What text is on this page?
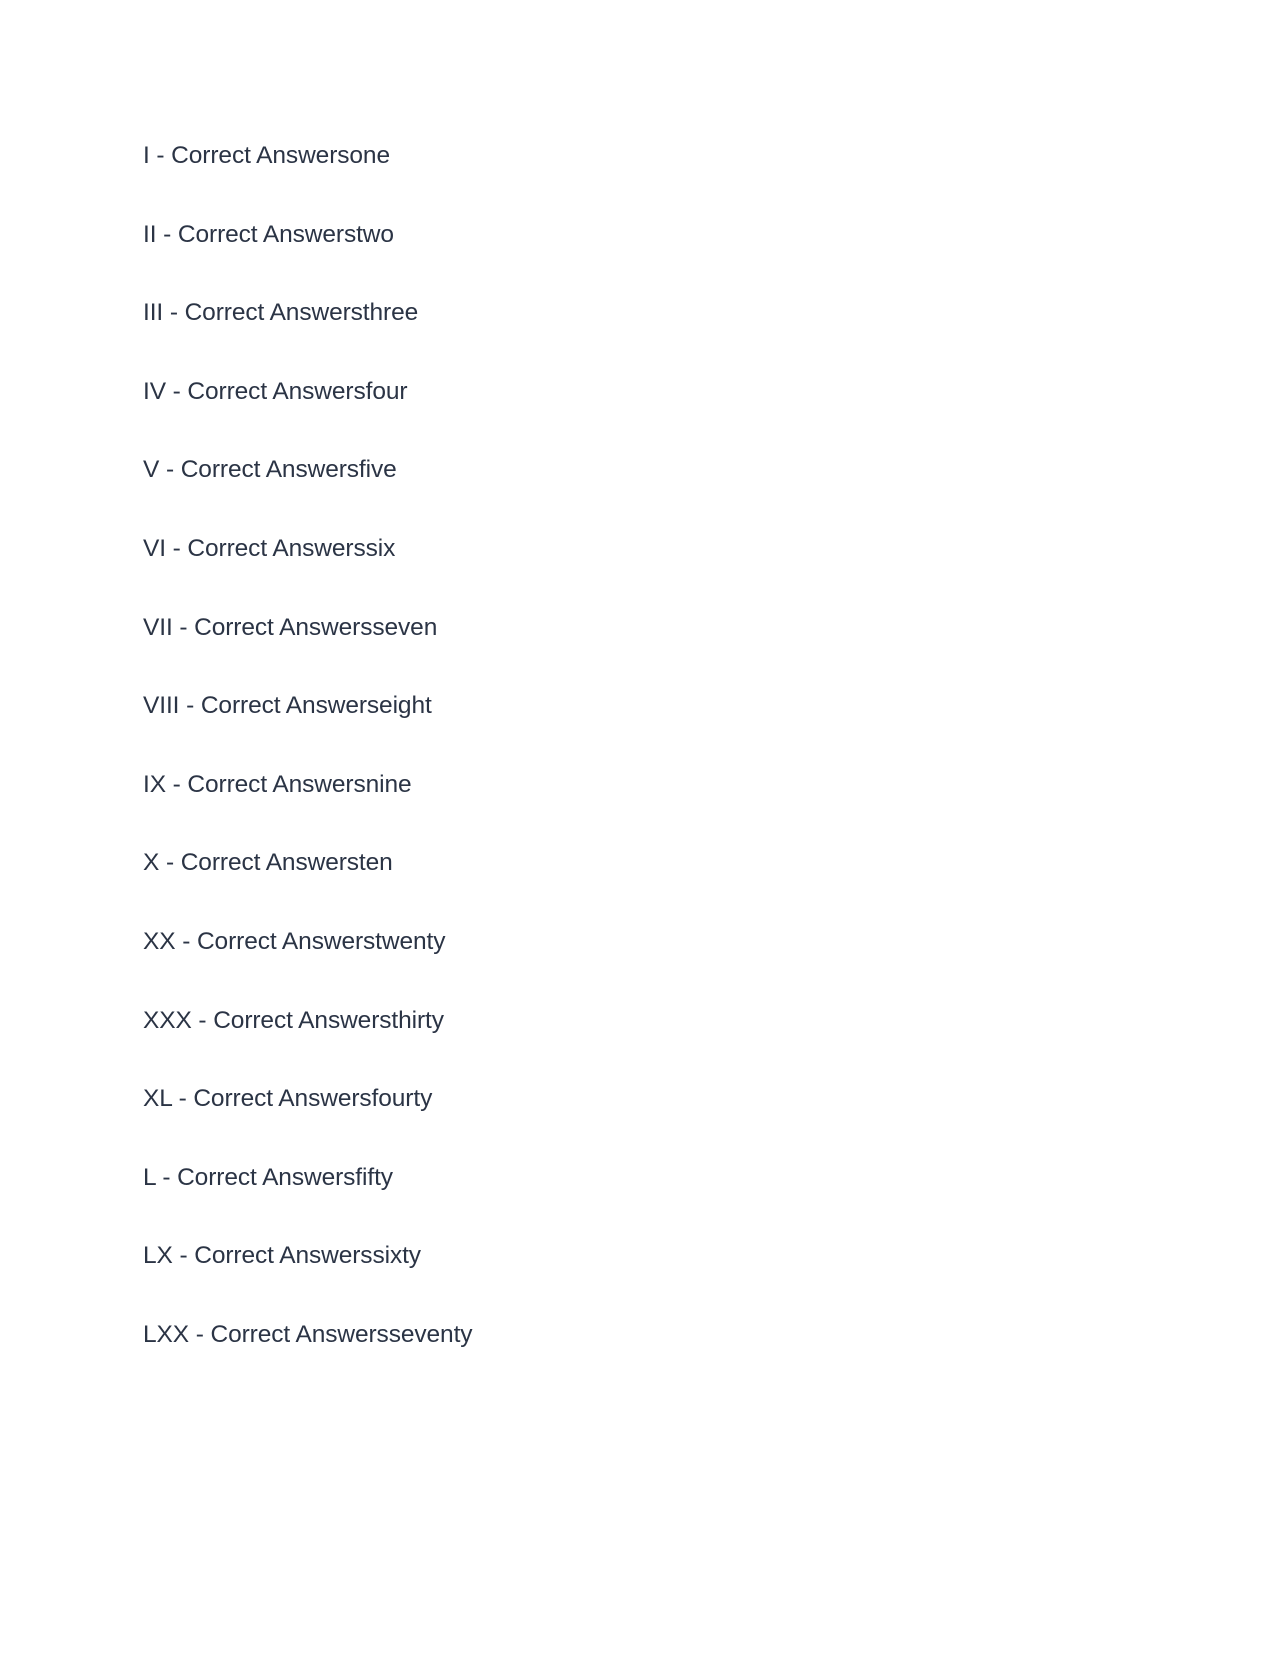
I - Correct Answersone
II - Correct Answerstwo
III - Correct Answersthree
IV - Correct Answersfour
V - Correct Answersfive
VI - Correct Answerssix
VII - Correct Answersseven
VIII - Correct Answerseight
IX - Correct Answersnine
X - Correct Answersten
XX - Correct Answerstwenty
XXX - Correct Answersthirty
XL - Correct Answersfourty
L - Correct Answersfifty
LX - Correct Answerssixty
LXX - Correct Answersseventy
